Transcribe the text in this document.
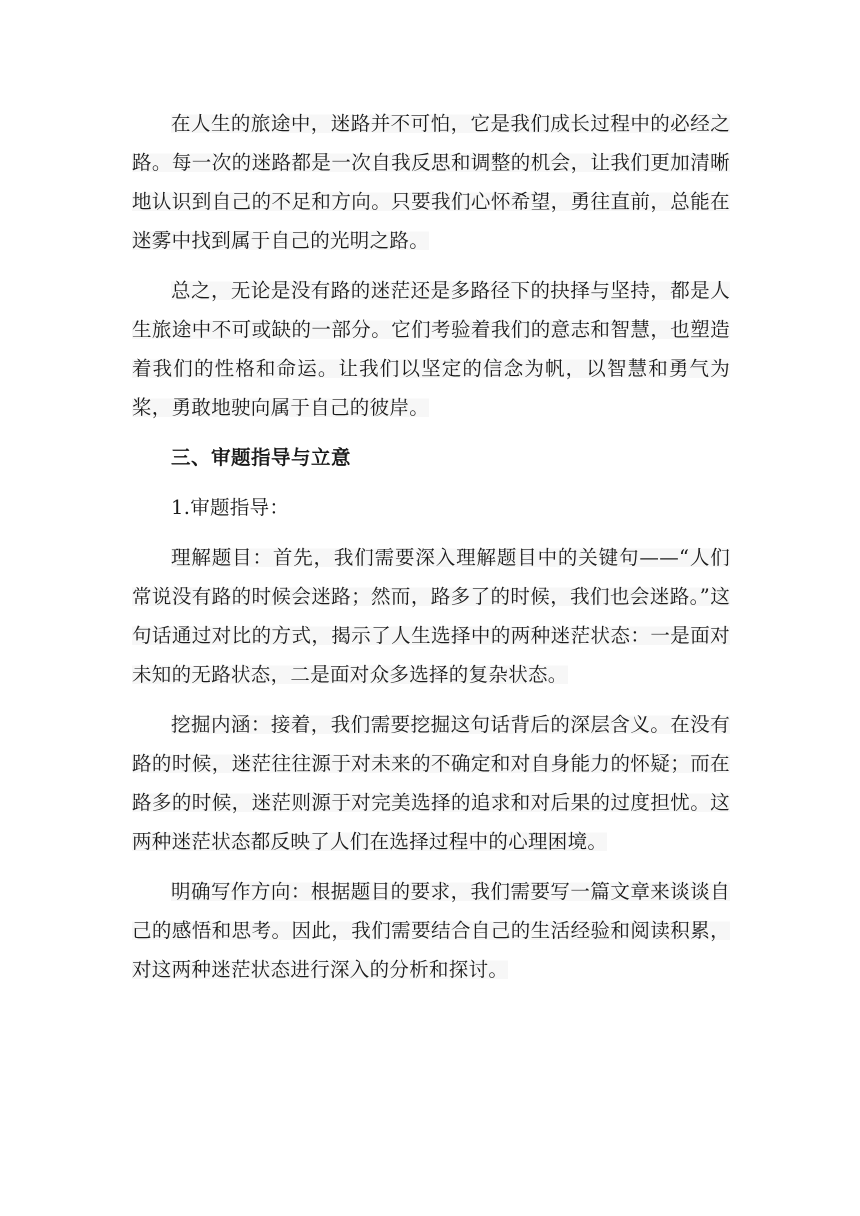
在人生的旅途中，迷路并不可怕，它是我们成长过程中的必经之路。每一次的迷路都是一次自我反思和调整的机会，让我们更加清晰地认识到自己的不足和方向。只要我们心怀希望，勇往直前，总能在迷雾中找到属于自己的光明之路。

总之，无论是没有路的迷茫还是多路径下的抉择与坚持，都是人生旅途中不可或缺的一部分。它们考验着我们的意志和智慧，也塑造着我们的性格和命运。让我们以坚定的信念为帆，以智慧和勇气为桨，勇敢地驶向属于自己的彼岸。

三、审题指导与立意

1.审题指导：

理解题目：首先，我们需要深入理解题目中的关键句——“人们常说没有路的时候会迷路；然而，路多了的时候，我们也会迷路。”这句话通过对比的方式，揭示了人生选择中的两种迷茫状态：一是面对未知的无路状态，二是面对众多选择的复杂状态。

挖掘内涵：接着，我们需要挖掘这句话背后的深层含义。在没有路的时候，迷茫往往源于对未来的不确定和对自身能力的怀疑；而在路多的时候，迷茫则源于对完美选择的追求和对后果的过度担忧。这两种迷茫状态都反映了人们在选择过程中的心理困境。

明确写作方向：根据题目的要求，我们需要写一篇文章来谈谈自己的感悟和思考。因此，我们需要结合自己的生活经验和阅读积累，对这两种迷茫状态进行深入的分析和探讨。
